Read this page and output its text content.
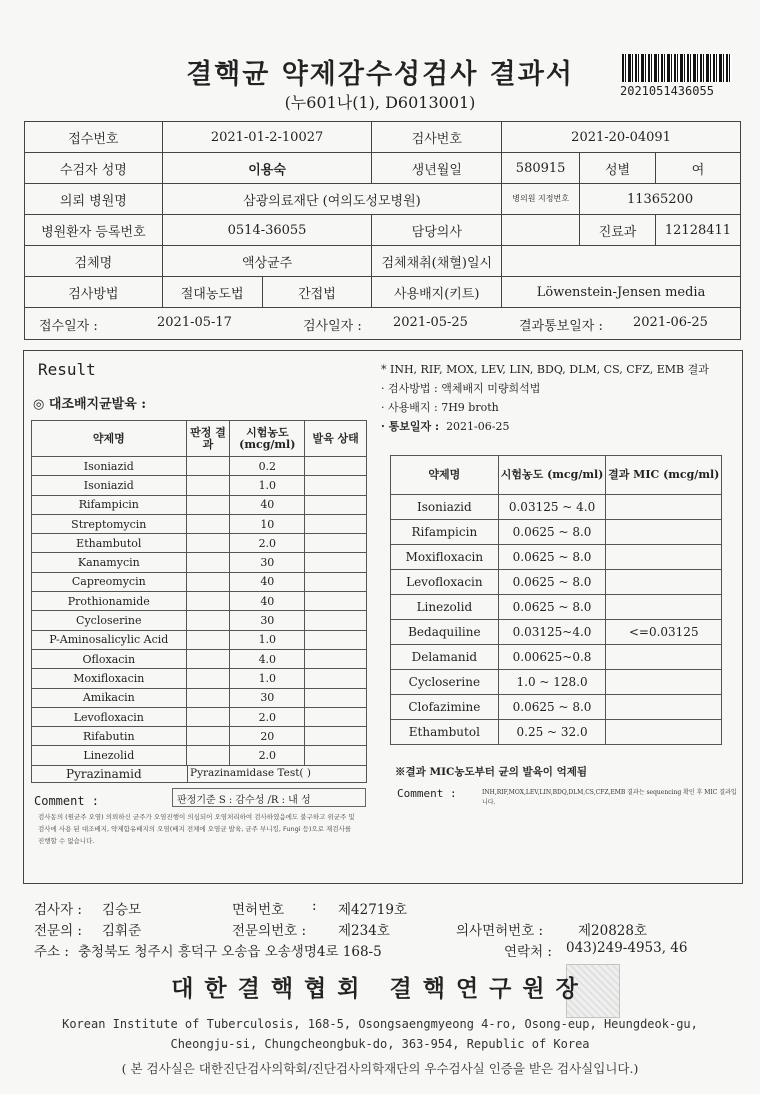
결핵균 약제감수성검사 결과서
(누601나(1), D6013001)
2021051436055
접수번호	2021-01-2-10027		검사번호	2021-20-04091		
수검자 성명	이용숙		생년월일	580915	성별	여
의뢰 병원명	삼광의료재단 (여의도성모병원)			병의원 지정번호	11365200	
병원환자 등록번호	0514-36055		담당의사		진료과	12128411
검체명	액상균주		검체채취(채혈)일시			
검사방법	절대농도법	간접법	사용배지(키트)	Löwenstein-Jensen media		
접수일자 :	2021-05-17	검사일자 : 2021-05-25	결과통보일자 : 2021-06-25
Result
◎ 대조배지균발육 :
약제명	판정 결과	시험농도 (mcg/ml)	발육 상태
Isoniazid		0.2	
Isoniazid		1.0	
Rifampicin		40	
Streptomycin		10	
Ethambutol		2.0	
Kanamycin		30	
Capreomycin		40	
Prothionamide		40	
Cycloserine		30	
P-Aminosalicylic Acid		1.0	
Ofloxacin		4.0	
Moxifloxacin		1.0	
Amikacin		30	
Levofloxacin		2.0	
Rifabutin		20	
Linezolid		2.0	
Pyrazinamid	Pyrazinamidase Test( )
Comment :	판정기준 S : 감수성 /R : 내 성
검사동의 (원균주 오염) 의뢰하신 균주가 오염진행이 의심되어 오염처리하여 검사하였음에도 불구하고 위균주 및 검사에 사용 된 대조배지, 약제함유배지의 오염(배지 전체에 오염균 발육, 균주 부니킹, Fungi 등)으로 재검사를 진행할 수 없습니다.
* INH, RIF, MOX, LEV, LIN, BDQ, DLM, CS, CFZ, EMB 결과
· 검사방법 : 액체배지 미량희석법
· 사용배지 : 7H9 broth
· 통보일자 : 2021-06-25
약제명	시험농도 (mcg/ml)	결과 MIC (mcg/ml)
Isoniazid	0.03125 ~ 4.0	
Rifampicin	0.0625 ~ 8.0	
Moxifloxacin	0.0625 ~ 8.0	
Levofloxacin	0.0625 ~ 8.0	
Linezolid	0.0625 ~ 8.0	
Bedaquiline	0.03125~4.0	<=0.03125
Delamanid	0.00625~0.8	
Cycloserine	1.0 ~ 128.0	
Clofazimine	0.0625 ~ 8.0	
Ethambutol	0.25 ~ 32.0	
※결과 MIC농도부터 균의 발육이 억제됨
Comment :	INH,RIF,MOX,LEV,LIN,BDQ,DLM,CS,CFZ,EMB 결과는 sequencing 확인 후 MIC 결과입니다.
검사자 : 김승모	면허번호 : 제42719호
전문의 : 김휘준	전문의번호 : 제234호	의사면허번호 :	제20828호
주소 : 충청북도 청주시 흥덕구 오송읍 오송생명4로 168-5	연락처 : 043)249-4953, 46
대한결핵협회 결핵연구원장
Korean Institute of Tuberculosis, 168-5, Osongsaengmyeong 4-ro, Osong-eup, Heungdeok-gu,
Cheongju-si, Chungcheongbuk-do, 363-954, Republic of Korea
( 본 검사실은 대한진단검사의학회/진단검사의학재단의 우수검사실 인증을 받은 검사실입니다.)
